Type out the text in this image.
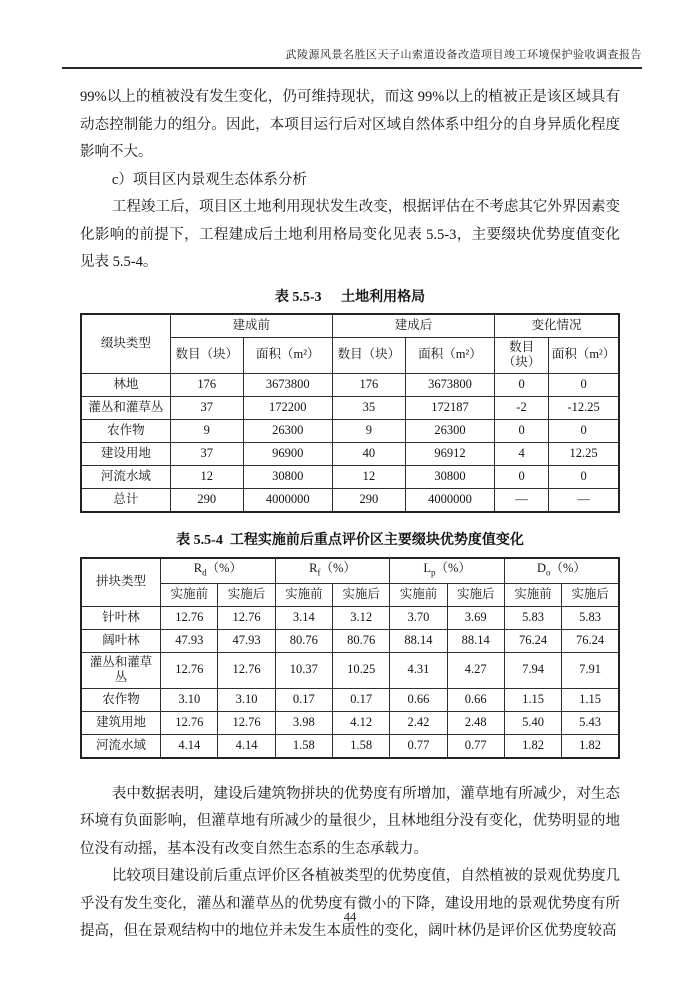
武陵源风景名胜区天子山索道设备改造项目竣工环境保护验收调查报告

99%以上的植被没有发生变化，仍可维持现状，而这 99%以上的植被正是该区域具有动态控制能力的组分。因此，本项目运行后对区域自然体系中组分的自身异质化程度影响不大。

c）项目区内景观生态体系分析

工程竣工后，项目区土地利用现状发生改变，根据评估在不考虑其它外界因素变化影响的前提下，工程建成后土地利用格局变化见表 5.5-3，主要缀块优势度值变化见表 5.5-4。

表 5.5-3 土地利用格局
缀块类型	建成前		建成后		变化情况	
	数目（块）	面积（m²）	数目（块）	面积（m²）	数目（块）	面积（m²）
林地	176	3673800	176	3673800	0	0
灌丛和灌草丛	37	172200	35	172187	-2	-12.25
农作物	9	26300	9	26300	0	0
建设用地	37	96900	40	96912	4	12.25
河流水域	12	30800	12	30800	0	0
总计	290	4000000	290	4000000	—	—
表 5.5-4 工程实施前后重点评价区主要缀块优势度值变化
拼块类型	$R_d(\%)$		$R_f(\%)$		$L_p(\%)$		$D_o(\%)$	
	实施前	实施后	实施前	实施后	实施前	实施后	实施前	实施后
针叶林	12.76	12.76	3.14	3.12	3.70	3.69	5.83	5.83
阔叶林	47.93	47.93	80.76	80.76	88.14	88.14	76.24	76.24
灌丛和灌草丛	12.76	12.76	10.37	10.25	4.31	4.27	7.94	7.91
农作物	3.10	3.10	0.17	0.17	0.66	0.66	1.15	1.15
建筑用地	12.76	12.76	3.98	4.12	2.42	2.48	5.40	5.43
河流水域	4.14	4.14	1.58	1.58	0.77	0.77	1.82	1.82

表中数据表明，建设后建筑物拼块的优势度有所增加，灌草地有所减少，对生态环境有负面影响，但灌草地有所减少的量很少，且林地组分没有变化，优势明显的地位没有动摇，基本没有改变自然生态系的生态承载力。

比较项目建设前后重点评价区各植被类型的优势度值，自然植被的景观优势度几乎没有发生变化，灌丛和灌草丛的优势度有微小的下降，建设用地的景观优势度有所提高，但在景观结构中的地位并未发生本质性的变化，阔叶林仍是评价区优势度较高

44
